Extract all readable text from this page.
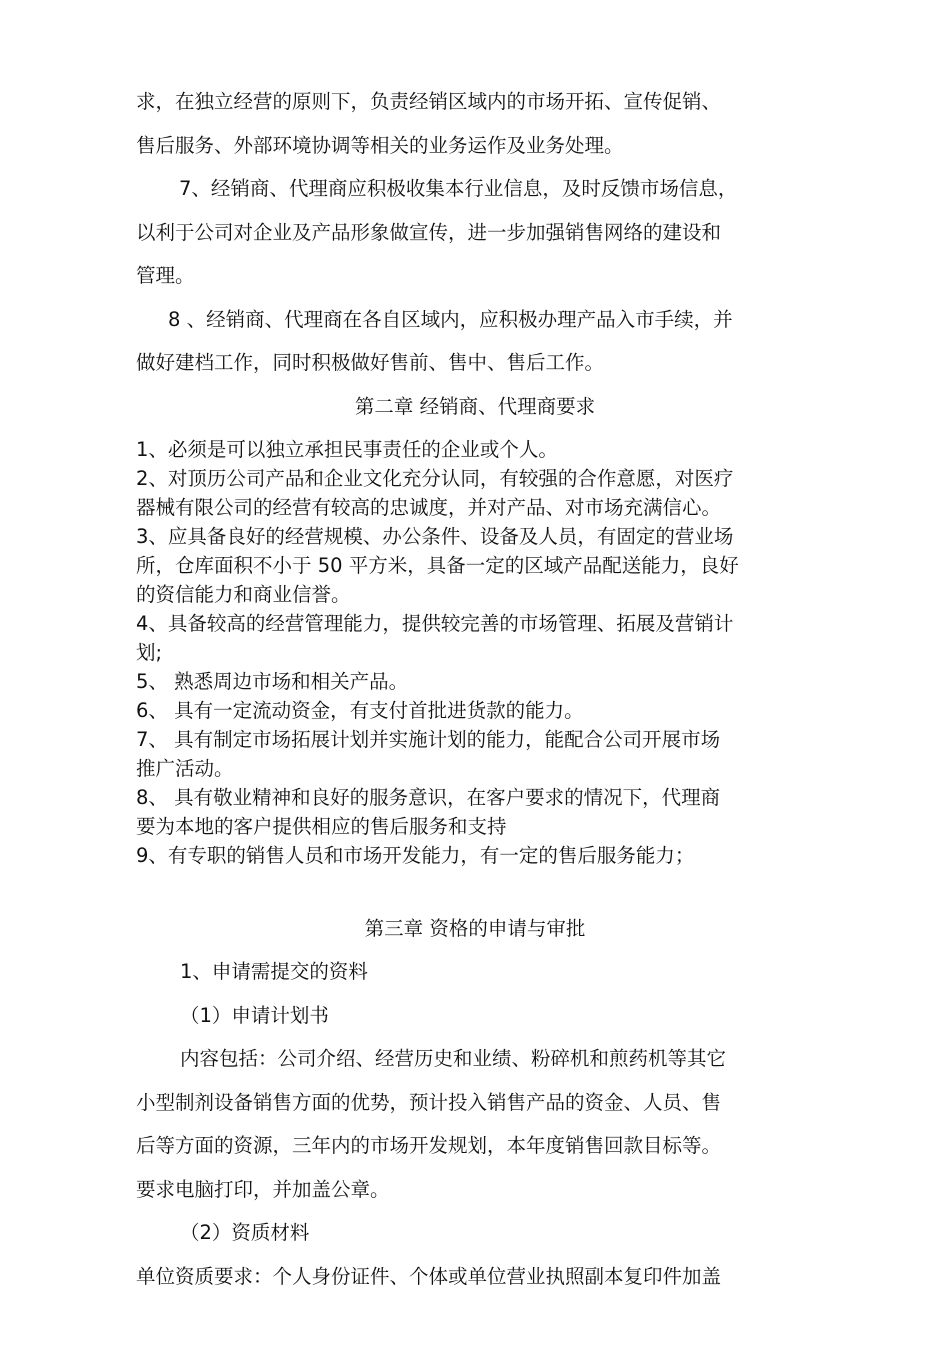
求，在独立经营的原则下，负责经销区域内的市场开拓、宣传促销、
售后服务、外部环境协调等相关的业务运作及业务处理。
7、经销商、代理商应积极收集本行业信息，及时反馈市场信息，
以利于公司对企业及产品形象做宣传，进一步加强销售网络的建设和
管理。
8 、经销商、代理商在各自区域内，应积极办理产品入市手续，并
做好建档工作，同时积极做好售前、售中、售后工作。
第二章 经销商、代理商要求
1、必须是可以独立承担民事责任的企业或个人。
2、对顶历公司产品和企业文化充分认同，有较强的合作意愿，对医疗
器械有限公司的经营有较高的忠诚度，并对产品、对市场充满信心。
3、应具备良好的经营规模、办公条件、设备及人员，有固定的营业场
所，仓库面积不小于 50 平方米，具备一定的区域产品配送能力，良好
的资信能力和商业信誉。
4、具备较高的经营管理能力，提供较完善的市场管理、拓展及营销计
划;
5、 熟悉周边市场和相关产品。
6、 具有一定流动资金，有支付首批进货款的能力。
7、 具有制定市场拓展计划并实施计划的能力，能配合公司开展市场
推广活动。
8、 具有敬业精神和良好的服务意识，在客户要求的情况下，代理商
要为本地的客户提供相应的售后服务和支持
9、有专职的销售人员和市场开发能力，有一定的售后服务能力；
第三章 资格的申请与审批
1、申请需提交的资料
（1）申请计划书
内容包括：公司介绍、经营历史和业绩、粉碎机和煎药机等其它
小型制剂设备销售方面的优势，预计投入销售产品的资金、人员、售
后等方面的资源，三年内的市场开发规划，本年度销售回款目标等。
要求电脑打印，并加盖公章。
（2）资质材料
单位资质要求：个人身份证件、个体或单位营业执照副本复印件加盖
